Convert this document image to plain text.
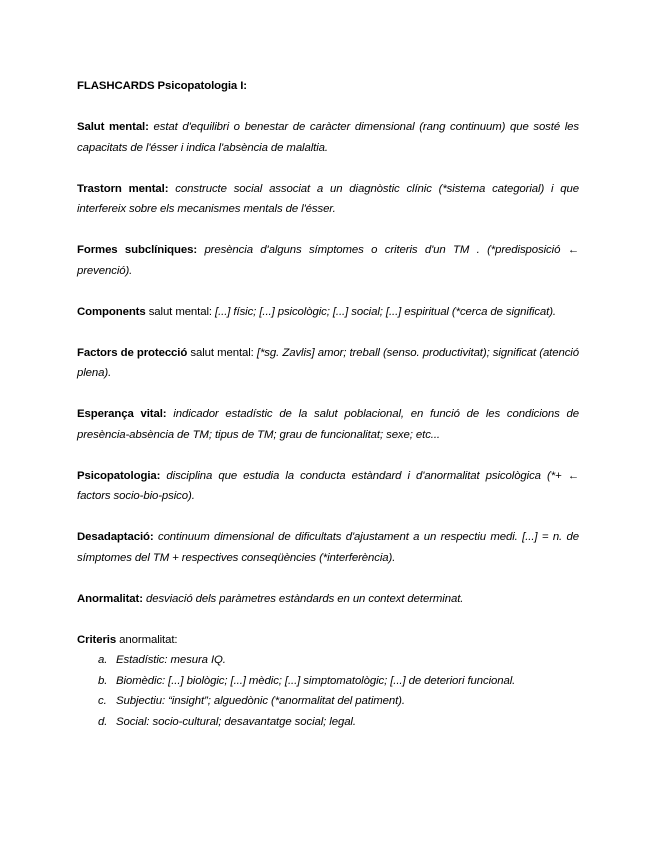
FLASHCARDS Psicopatologia I:

Salut mental: estat d'equilibri o benestar de caràcter dimensional (rang continuum) que sosté les capacitats de l'ésser i indica l'absència de malaltia.

Trastorn mental: constructe social associat a un diagnòstic clínic (*sistema categorial) i que interfereix sobre els mecanismes mentals de l'ésser.

Formes subclíniques: presència d'alguns símptomes o criteris d'un TM . (*predisposició ← prevenció).

Components salut mental: [...] físic; [...] psicològic; [...] social; [...] espiritual (*cerca de significat).

Factors de protecció salut mental: [*sg. Zavlis] amor; treball (senso. productivitat); significat (atenció plena).

Esperança vital: indicador estadístic de la salut poblacional, en funció de les condicions de presència-absència de TM; tipus de TM; grau de funcionalitat; sexe; etc...

Psicopatologia: disciplina que estudia la conducta estàndard i d'anormalitat psicològica (*+ ← factors socio-bio-psico).

Desadaptació: continuum dimensional de dificultats d'ajustament a un respectiu medi. [...] = n. de símptomes del TM + respectives conseqüències (*interferència).

Anormalitat: desviació dels paràmetres estàndards en un context determinat.

Criteris anormalitat:

a. Estadístic: mesura IQ.
b. Biomèdic: [...] biològic; [...] mèdic; [...] simptomatològic; [...] de deteriori funcional.
c. Subjectiu: “insight”; alguedònic (*anormalitat del patiment).
d. Social: socio-cultural; desavantatge social; legal.
